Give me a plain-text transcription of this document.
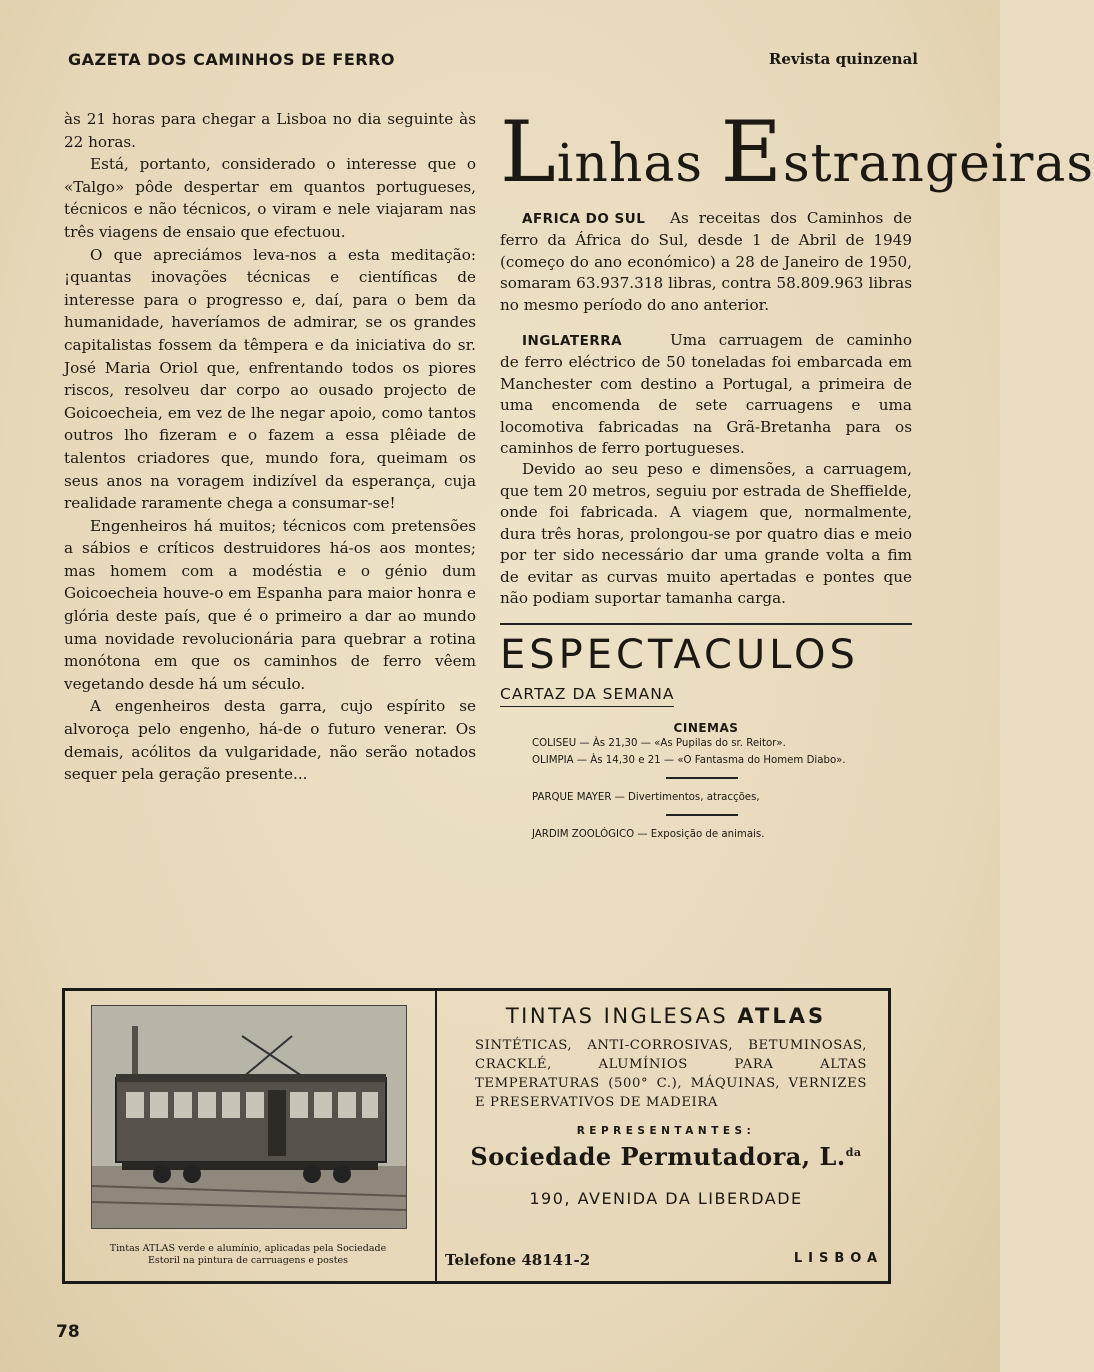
GAZETA DOS CAMINHOS DE FERRO	Revista quinzenal

às 21 horas para chegar a Lisboa no dia seguinte às 22 horas.

Está, portanto, considerado o interesse que o «Talgo» pôde despertar em quantos portugueses, técnicos e não técnicos, o viram e nele viajaram nas três viagens de ensaio que efectuou.

O que apreciámos leva-nos a esta meditação: ¡quantas inovações técnicas e científicas de interesse para o progresso e, daí, para o bem da humanidade, haveríamos de admirar, se os grandes capitalistas fossem da têmpera e da iniciativa do sr. José Maria Oriol que, enfrentando todos os piores riscos, resolveu dar corpo ao ousado projecto de Goicoecheia, em vez de lhe negar apoio, como tantos outros lho fizeram e o fazem a essa plêiade de talentos criadores que, mundo fora, queimam os seus anos na voragem indizível da esperança, cuja realidade raramente chega a consumar-se!

Engenheiros há muitos; técnicos com pretensões a sábios e críticos destruidores há-os aos montes; mas homem com a modéstia e o génio dum Goicoecheia houve-o em Espanha para maior honra e glória deste país, que é o primeiro a dar ao mundo uma novidade revolucionária para quebrar a rotina monótona em que os caminhos de ferro vêem vegetando desde há um século.

A engenheiros desta garra, cujo espírito se alvoroça pelo engenho, há-de o futuro venerar. Os demais, acólitos da vulgaridade, não serão notados sequer pela geração presente...

Linhas Estrangeiras

AFRICA DO SUL As receitas dos Caminhos de ferro da África do Sul, desde 1 de Abril de 1949 (começo do ano económico) a 28 de Janeiro de 1950, somaram 63.937.318 libras, contra 58.809.963 libras no mesmo período do ano anterior.

INGLATERRA	Uma carruagem de caminho de ferro eléctrico de 50 toneladas foi embarcada em Manchester com destino a Portugal, a primeira de uma encomenda de sete carruagens e uma locomotiva fabricadas na Grã-Bretanha para os caminhos de ferro portugueses.

Devido ao seu peso e dimensões, a carruagem, que tem 20 metros, seguiu por estrada de Sheffielde, onde foi fabricada. A viagem que, normalmente, dura três horas, prolongou-se por quatro dias e meio por ter sido necessário dar uma grande volta a fim de evitar as curvas muito apertadas e pontes que não podiam suportar tamanha carga.

ESPECTACULOS
CARTAZ DA SEMANA
CINEMAS
COLISEU — Às 21,30 — «As Pupilas do sr. Reitor».
OLIMPIA — Às 14,30 e 21 — «O Fantasma do Homem Diabo».
PARQUE MAYER — Divertimentos, atracções,
JARDIM ZOOLÓGICO — Exposição de animais.
Tintas ATLAS verde e alumínio, aplicadas pela Sociedade
Estoril na pintura de carruagens e postes
TINTAS INGLESAS ATLAS
SINTÉTICAS, ANTI-CORROSIVAS, BETUMINOSAS, CRACKLÉ, ALUMÍNIOS PARA ALTAS TEMPERATURAS (500° C.), MÁQUINAS, VERNIZES E PRESERVATIVOS DE MADEIRA
REPRESENTANTES:
Sociedade Permutadora, L.$^{da}$
190, AVENIDA DA LIBERDADE
Telefone 48141-2	LISBOA
78
